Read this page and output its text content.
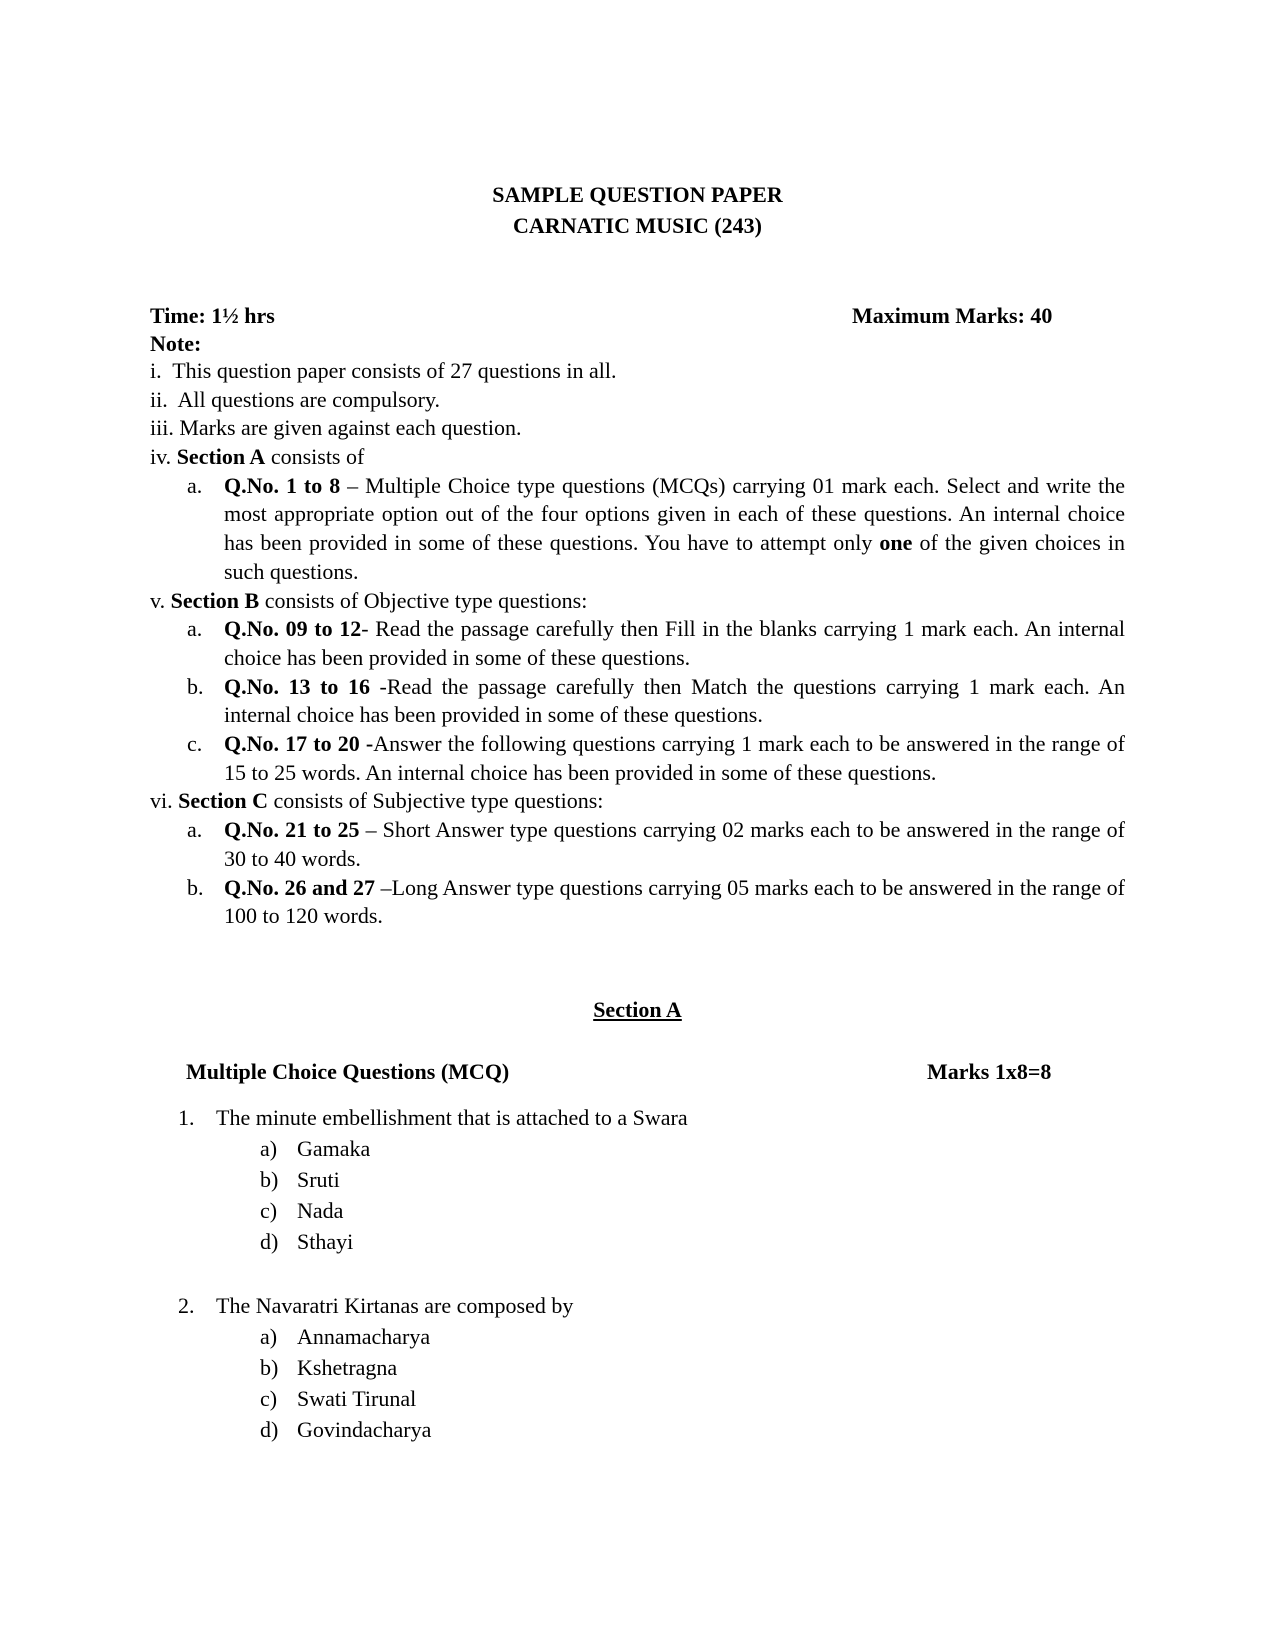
SAMPLE QUESTION PAPER
CARNATIC MUSIC (243)
Time: 1½ hrs	Maximum Marks: 40
Note:
i. This question paper consists of 27 questions in all.
ii. All questions are compulsory.
iii. Marks are given against each question.
iv. Section A consists of
a. Q.No. 1 to 8 – Multiple Choice type questions (MCQs) carrying 01 mark each. Select and write the most appropriate option out of the four options given in each of these questions. An internal choice has been provided in some of these questions. You have to attempt only one of the given choices in such questions.
v. Section B consists of Objective type questions:
a. Q.No. 09 to 12- Read the passage carefully then Fill in the blanks carrying 1 mark each. An internal choice has been provided in some of these questions.
b. Q.No. 13 to 16 -Read the passage carefully then Match the questions carrying 1 mark each. An internal choice has been provided in some of these questions.
c. Q.No. 17 to 20 -Answer the following questions carrying 1 mark each to be answered in the range of 15 to 25 words. An internal choice has been provided in some of these questions.
vi. Section C consists of Subjective type questions:
a. Q.No. 21 to 25 – Short Answer type questions carrying 02 marks each to be answered in the range of 30 to 40 words.
b. Q.No. 26 and 27 –Long Answer type questions carrying 05 marks each to be answered in the range of 100 to 120 words.
Section A
Multiple Choice Questions (MCQ)	Marks 1x8=8
1. The minute embellishment that is attached to a Swara
a) Gamaka
b) Sruti
c) Nada
d) Sthayi
2. The Navaratri Kirtanas are composed by
a) Annamacharya
b) Kshetragna
c) Swati Tirunal
d) Govindacharya
